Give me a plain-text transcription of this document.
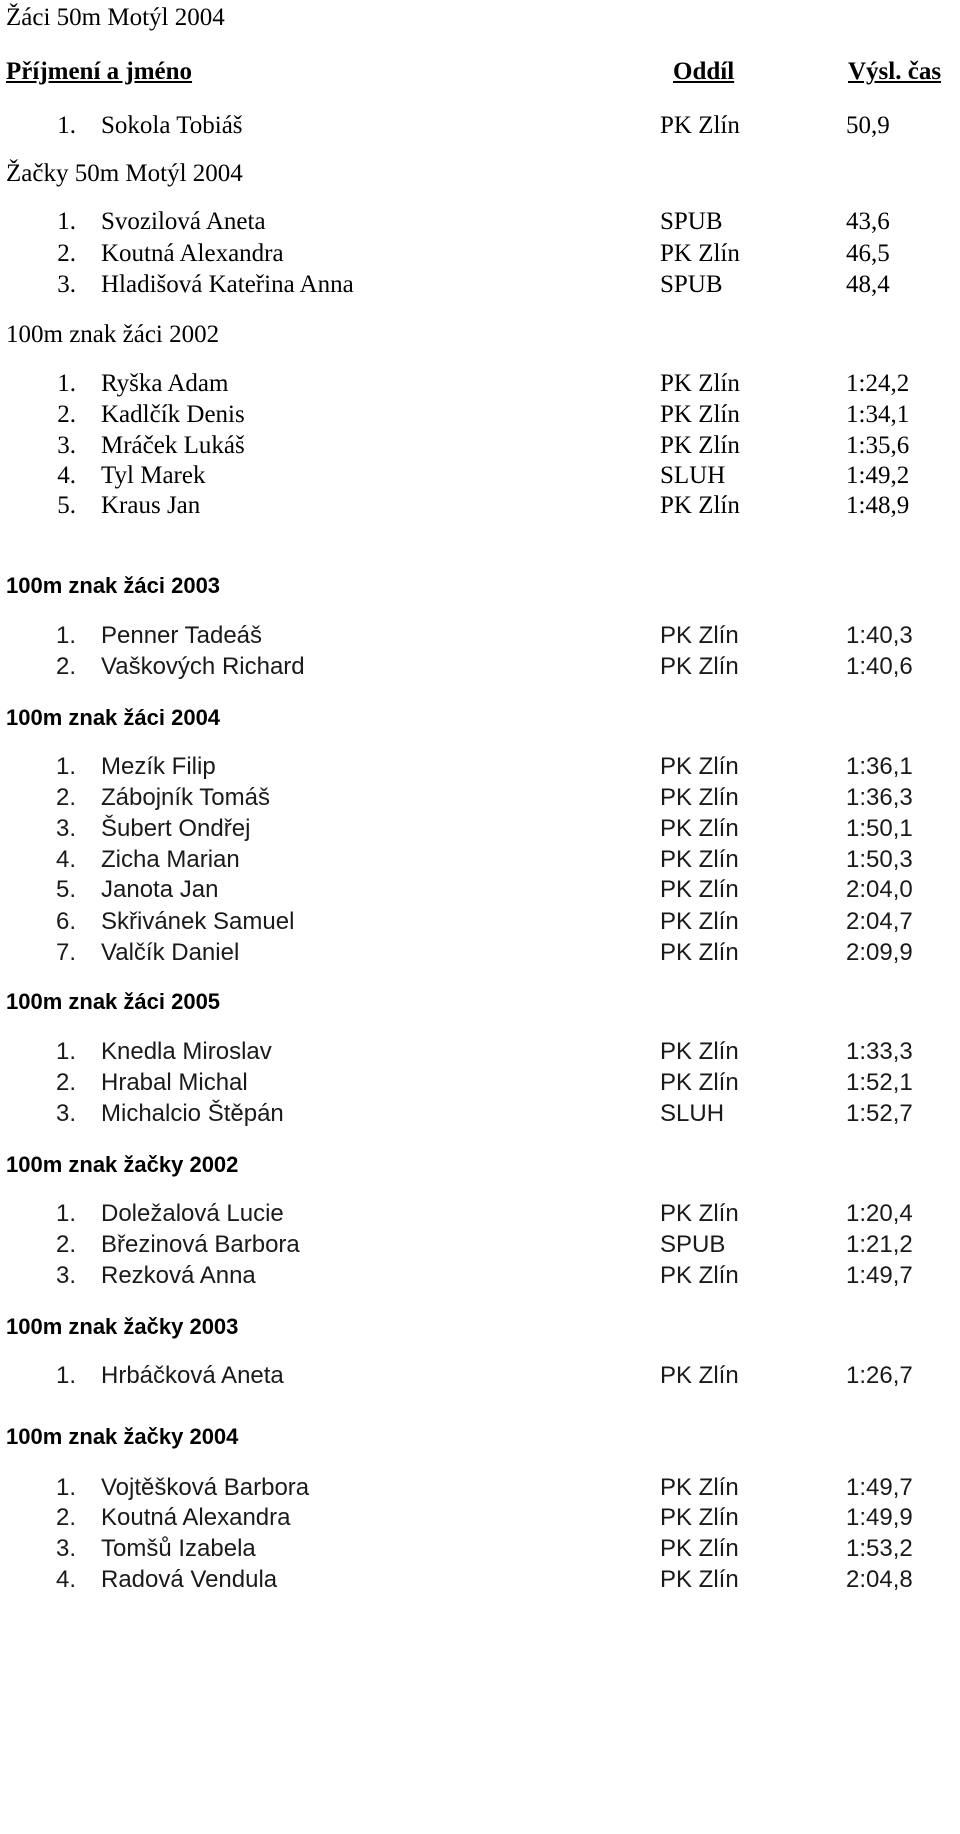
Žáci 50m Motýl 2004
Příjmení a jméno	Oddíl	Výsl. čas
1. Sokola Tobiáš	PK Zlín	50,9
Žačky 50m Motýl 2004
1. Svozilová Aneta	SPUB	43,6
2. Koutná Alexandra	PK Zlín	46,5
3. Hladišová Kateřina Anna	SPUB	48,4
100m znak žáci 2002
1. Ryška Adam	PK Zlín	1:24,2
2. Kadlčík Denis	PK Zlín	1:34,1
3. Mráček Lukáš	PK Zlín	1:35,6
4. Tyl Marek	SLUH	1:49,2
5. Kraus Jan	PK Zlín	1:48,9
100m znak žáci 2003
1. Penner Tadeáš	PK Zlín	1:40,3
2. Vaškových Richard	PK Zlín	1:40,6
100m znak žáci 2004
1. Mezík Filip	PK Zlín	1:36,1
2. Zábojník Tomáš	PK Zlín	1:36,3
3. Šubert Ondřej	PK Zlín	1:50,1
4. Zicha Marian	PK Zlín	1:50,3
5. Janota Jan	PK Zlín	2:04,0
6. Skřivánek Samuel	PK Zlín	2:04,7
7. Valčík Daniel	PK Zlín	2:09,9
100m znak žáci 2005
1. Knedla Miroslav	PK Zlín	1:33,3
2. Hrabal Michal	PK Zlín	1:52,1
3. Michalcio Štěpán	SLUH	1:52,7
100m znak žačky 2002
1. Doležalová Lucie	PK Zlín	1:20,4
2. Březinová Barbora	SPUB	1:21,2
3. Rezková Anna	PK Zlín	1:49,7
100m znak žačky 2003
1. Hrbáčková Aneta	PK Zlín	1:26,7
100m znak žačky 2004
1. Vojtěšková Barbora	PK Zlín	1:49,7
2. Koutná Alexandra	PK Zlín	1:49,9
3. Tomšů Izabela	PK Zlín	1:53,2
4. Radová Vendula	PK Zlín	2:04,8
